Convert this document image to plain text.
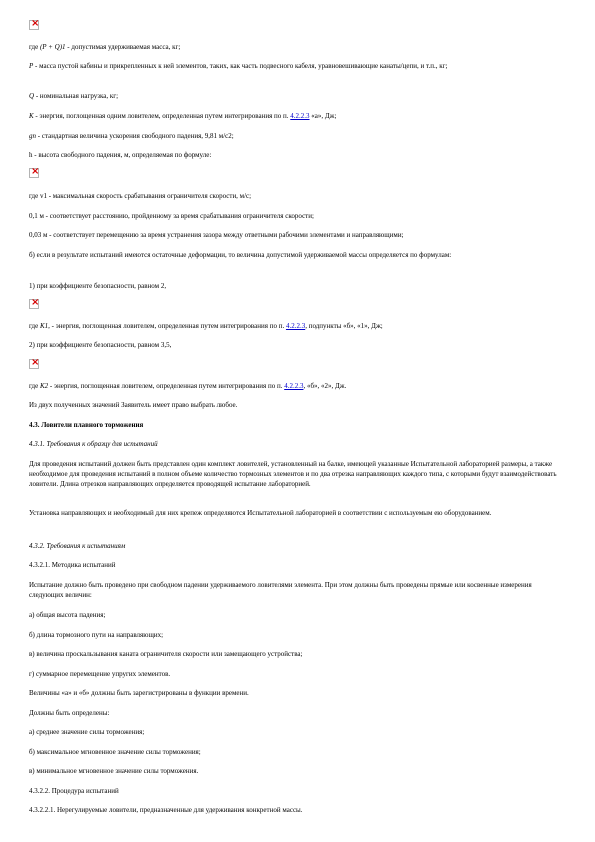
×

где (P + Q)1 - допустимая удерживаемая масса, кг;

P - масса пустой кабины и прикрепленных к ней элементов, таких, как часть подвесного кабеля, уравновешивающие канаты/цепи, и т.п., кг;

Q - номинальная нагрузка, кг;

K - энергия, поглощенная одним ловителем, определенная путем интегрирования по п. 4.2.2.3 «а», Дж;

gn - стандартная величина ускорения свободного падения, 9,81 м/с2;

h - высота свободного падения, м, определяемая по формуле:

×

где v1 - максимальная скорость срабатывания ограничителя скорости, м/с;

0,1 м - соответствует расстоянию, пройденному за время срабатывания ограничителя скорости;

0,03 м - соответствует перемещению за время устранения зазора между ответными рабочими элементами и направляющими;

б) если в результате испытаний имеются остаточные деформации, то величина допустимой удерживаемой массы определяется по формулам:

1) при коэффициенте безопасности, равном 2,

×

где K1, - энергия, поглощенная ловителем, определенная путем интегрирования по п. 4.2.2.3, подпункты «б», «1», Дж;

2) при коэффициенте безопасности, равном 3,5,

×

где K2 - энергия, поглощенная ловителем, определенная путем интегрирования по п. 4.2.2.3, «б», «2», Дж.

Из двух полученных значений Заявитель имеет право выбрать любое.

4.3. Ловители плавного торможения

4.3.1. Требования к образцу для испытаний

Для проведения испытаний должен быть представлен один комплект ловителей, установленный на балке, имеющей указанные Испытательной лабораторией размеры, а также необходимое для проведения испытаний в полном объеме количество тормозных элементов и по два отрезка направляющих каждого типа, с которыми будут взаимодействовать ловители. Длина отрезков направляющих определяется проводящей испытание лабораторией.

Установка направляющих и необходимый для них крепеж определяются Испытательной лабораторией в соответствии с используемым ею оборудованием.

4.3.2. Требования к испытаниям

4.3.2.1. Методика испытаний

Испытание должно быть проведено при свободном падении удерживаемого ловителями элемента. При этом должны быть проведены прямые или косвенные измерения следующих величин:

а) общая высота падения;

б) длина тормозного пути на направляющих;

в) величина проскальзывания каната ограничителя скорости или замещающего устройства;

г) суммарное перемещение упругих элементов.

Величины «а» и «б» должны быть зарегистрированы в функции времени.

Должны быть определены:

а) среднее значение силы торможения;

б) максимальное мгновенное значение силы торможения;

в) минимальное мгновенное значение силы торможения.

4.3.2.2. Процедура испытаний

4.3.2.2.1. Нерегулируемые ловители, предназначенные для удерживания конкретной массы.
